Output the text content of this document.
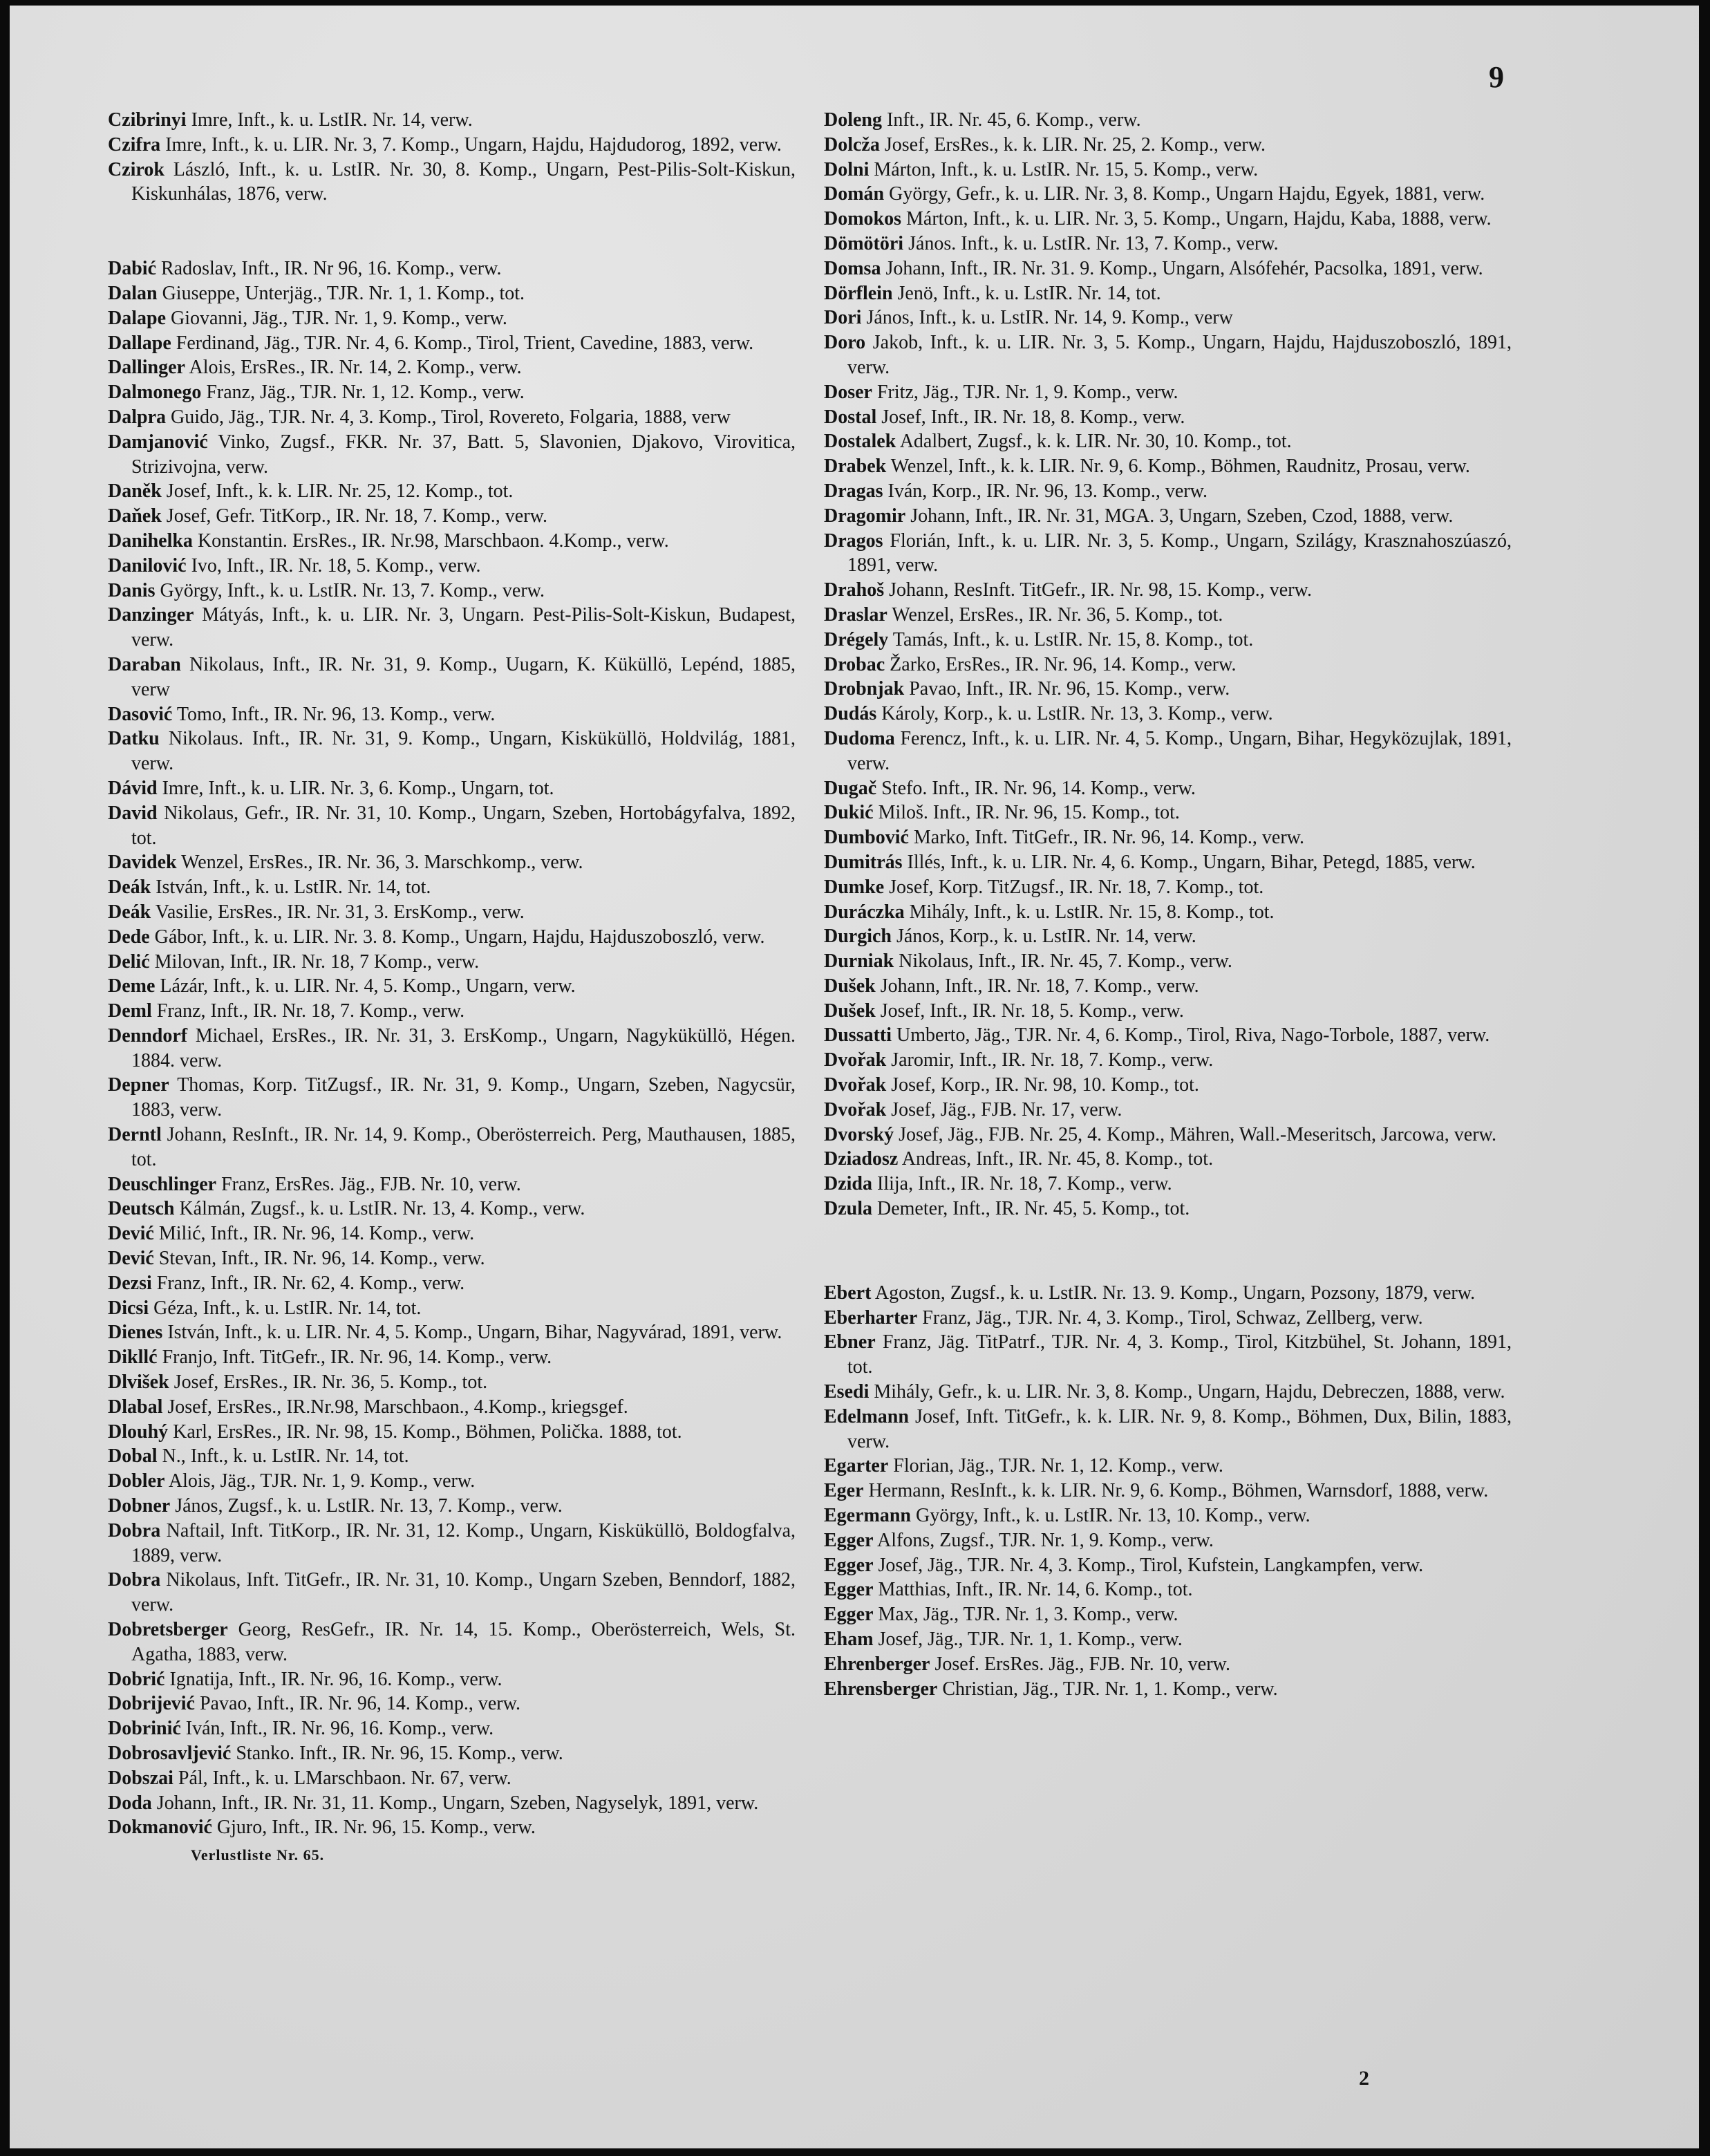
9

Czibrinyi Imre, Inft., k. u. LstIR. Nr. 14, verw.

Czifra Imre, Inft., k. u. LIR. Nr. 3, 7. Komp., Ungarn, Hajdu, Hajdudorog, 1892, verw.

Czirok László, Inft., k. u. LstIR. Nr. 30, 8. Komp., Ungarn, Pest-Pilis-Solt-Kiskun, Kiskunhálas, 1876, verw.

Dabić Radoslav, Inft., IR. Nr 96, 16. Komp., verw.

Dalan Giuseppe, Unterjäg., TJR. Nr. 1, 1. Komp., tot.

Dalape Giovanni, Jäg., TJR. Nr. 1, 9. Komp., verw.

Dallape Ferdinand, Jäg., TJR. Nr. 4, 6. Komp., Tirol, Trient, Cavedine, 1883, verw.

Dallinger Alois, ErsRes., IR. Nr. 14, 2. Komp., verw.

Dalmonego Franz, Jäg., TJR. Nr. 1, 12. Komp., verw.

Dalpra Guido, Jäg., TJR. Nr. 4, 3. Komp., Tirol, Rovereto, Folgaria, 1888, verw

Damjanović Vinko, Zugsf., FKR. Nr. 37, Batt. 5, Slavonien, Djakovo, Virovitica, Strizivojna, verw.

Daněk Josef, Inft., k. k. LIR. Nr. 25, 12. Komp., tot.

Daňek Josef, Gefr. TitKorp., IR. Nr. 18, 7. Komp., verw.

Danihelka Konstantin. ErsRes., IR. Nr.98, Marschbaon. 4.Komp., verw.

Danilović Ivo, Inft., IR. Nr. 18, 5. Komp., verw.

Danis György, Inft., k. u. LstIR. Nr. 13, 7. Komp., verw.

Danzinger Mátyás, Inft., k. u. LIR. Nr. 3, Ungarn. Pest-Pilis-Solt-Kiskun, Budapest, verw.

Daraban Nikolaus, Inft., IR. Nr. 31, 9. Komp., Uugarn, K. Küküllö, Lepénd, 1885, verw

Dasović Tomo, Inft., IR. Nr. 96, 13. Komp., verw.

Datku Nikolaus. Inft., IR. Nr. 31, 9. Komp., Ungarn, Kisküküllö, Holdvilág, 1881, verw.

Dávid Imre, Inft., k. u. LIR. Nr. 3, 6. Komp., Ungarn, tot.

David Nikolaus, Gefr., IR. Nr. 31, 10. Komp., Ungarn, Szeben, Hortobágyfalva, 1892, tot.

Davidek Wenzel, ErsRes., IR. Nr. 36, 3. Marschkomp., verw.

Deák István, Inft., k. u. LstIR. Nr. 14, tot.

Deák Vasilie, ErsRes., IR. Nr. 31, 3. ErsKomp., verw.

Dede Gábor, Inft., k. u. LIR. Nr. 3. 8. Komp., Ungarn, Hajdu, Hajduszoboszló, verw.

Delić Milovan, Inft., IR. Nr. 18, 7 Komp., verw.

Deme Lázár, Inft., k. u. LIR. Nr. 4, 5. Komp., Ungarn, verw.

Deml Franz, Inft., IR. Nr. 18, 7. Komp., verw.

Denndorf Michael, ErsRes., IR. Nr. 31, 3. ErsKomp., Ungarn, Nagyküküllö, Hégen. 1884. verw.

Depner Thomas, Korp. TitZugsf., IR. Nr. 31, 9. Komp., Ungarn, Szeben, Nagycsür, 1883, verw.

Derntl Johann, ResInft., IR. Nr. 14, 9. Komp., Oberösterreich. Perg, Mauthausen, 1885, tot.

Deuschlinger Franz, ErsRes. Jäg., FJB. Nr. 10, verw.

Deutsch Kálmán, Zugsf., k. u. LstIR. Nr. 13, 4. Komp., verw.

Dević Milić, Inft., IR. Nr. 96, 14. Komp., verw.

Dević Stevan, Inft., IR. Nr. 96, 14. Komp., verw.

Dezsi Franz, Inft., IR. Nr. 62, 4. Komp., verw.

Dicsi Géza, Inft., k. u. LstIR. Nr. 14, tot.

Dienes István, Inft., k. u. LIR. Nr. 4, 5. Komp., Ungarn, Bihar, Nagyvárad, 1891, verw.

Dikllć Franjo, Inft. TitGefr., IR. Nr. 96, 14. Komp., verw.

Dlvišek Josef, ErsRes., IR. Nr. 36, 5. Komp., tot.

Dlabal Josef, ErsRes., IR.Nr.98, Marschbaon., 4.Komp., kriegsgef.

Dlouhý Karl, ErsRes., IR. Nr. 98, 15. Komp., Böhmen, Polička. 1888, tot.

Dobal N., Inft., k. u. LstIR. Nr. 14, tot.

Dobler Alois, Jäg., TJR. Nr. 1, 9. Komp., verw.

Dobner János, Zugsf., k. u. LstIR. Nr. 13, 7. Komp., verw.

Dobra Naftail, Inft. TitKorp., IR. Nr. 31, 12. Komp., Ungarn, Kisküküllö, Boldogfalva, 1889, verw.

Dobra Nikolaus, Inft. TitGefr., IR. Nr. 31, 10. Komp., Ungarn Szeben, Benndorf, 1882, verw.

Dobretsberger Georg, ResGefr., IR. Nr. 14, 15. Komp., Oberösterreich, Wels, St. Agatha, 1883, verw.

Dobrić Ignatija, Inft., IR. Nr. 96, 16. Komp., verw.

Dobrijević Pavao, Inft., IR. Nr. 96, 14. Komp., verw.

Dobrinić Iván, Inft., IR. Nr. 96, 16. Komp., verw.

Dobrosavljević Stanko. Inft., IR. Nr. 96, 15. Komp., verw.

Dobszai Pál, Inft., k. u. LMarschbaon. Nr. 67, verw.

Doda Johann, Inft., IR. Nr. 31, 11. Komp., Ungarn, Szeben, Nagyselyk, 1891, verw.

Dokmanović Gjuro, Inft., IR. Nr. 96, 15. Komp., verw.

Verlustliste Nr. 65.

Doleng Inft., IR. Nr. 45, 6. Komp., verw.

Dolcža Josef, ErsRes., k. k. LIR. Nr. 25, 2. Komp., verw.

Dolni Márton, Inft., k. u. LstIR. Nr. 15, 5. Komp., verw.

Domán György, Gefr., k. u. LIR. Nr. 3, 8. Komp., Ungarn Hajdu, Egyek, 1881, verw.

Domokos Márton, Inft., k. u. LIR. Nr. 3, 5. Komp., Ungarn, Hajdu, Kaba, 1888, verw.

Dömötöri János. Inft., k. u. LstIR. Nr. 13, 7. Komp., verw.

Domsa Johann, Inft., IR. Nr. 31. 9. Komp., Ungarn, Alsófehér, Pacsolka, 1891, verw.

Dörflein Jenö, Inft., k. u. LstIR. Nr. 14, tot.

Dori János, Inft., k. u. LstIR. Nr. 14, 9. Komp., verw

Doro Jakob, Inft., k. u. LIR. Nr. 3, 5. Komp., Ungarn, Hajdu, Hajduszoboszló, 1891, verw.

Doser Fritz, Jäg., TJR. Nr. 1, 9. Komp., verw.

Dostal Josef, Inft., IR. Nr. 18, 8. Komp., verw.

Dostalek Adalbert, Zugsf., k. k. LIR. Nr. 30, 10. Komp., tot.

Drabek Wenzel, Inft., k. k. LIR. Nr. 9, 6. Komp., Böhmen, Raudnitz, Prosau, verw.

Dragas Iván, Korp., IR. Nr. 96, 13. Komp., verw.

Dragomir Johann, Inft., IR. Nr. 31, MGA. 3, Ungarn, Szeben, Czod, 1888, verw.

Dragos Florián, Inft., k. u. LIR. Nr. 3, 5. Komp., Ungarn, Szilágy, Krasznahoszúaszó, 1891, verw.

Drahoš Johann, ResInft. TitGefr., IR. Nr. 98, 15. Komp., verw.

Draslar Wenzel, ErsRes., IR. Nr. 36, 5. Komp., tot.

Drégely Tamás, Inft., k. u. LstIR. Nr. 15, 8. Komp., tot.

Drobac Žarko, ErsRes., IR. Nr. 96, 14. Komp., verw.

Drobnjak Pavao, Inft., IR. Nr. 96, 15. Komp., verw.

Dudás Károly, Korp., k. u. LstIR. Nr. 13, 3. Komp., verw.

Dudoma Ferencz, Inft., k. u. LIR. Nr. 4, 5. Komp., Ungarn, Bihar, Hegyközujlak, 1891, verw.

Dugač Stefo. Inft., IR. Nr. 96, 14. Komp., verw.

Dukić Miloš. Inft., IR. Nr. 96, 15. Komp., tot.

Dumbović Marko, Inft. TitGefr., IR. Nr. 96, 14. Komp., verw.

Dumitrás Illés, Inft., k. u. LIR. Nr. 4, 6. Komp., Ungarn, Bihar, Petegd, 1885, verw.

Dumke Josef, Korp. TitZugsf., IR. Nr. 18, 7. Komp., tot.

Duráczka Mihály, Inft., k. u. LstIR. Nr. 15, 8. Komp., tot.

Durgich János, Korp., k. u. LstIR. Nr. 14, verw.

Durniak Nikolaus, Inft., IR. Nr. 45, 7. Komp., verw.

Dušek Johann, Inft., IR. Nr. 18, 7. Komp., verw.

Dušek Josef, Inft., IR. Nr. 18, 5. Komp., verw.

Dussatti Umberto, Jäg., TJR. Nr. 4, 6. Komp., Tirol, Riva, Nago-Torbole, 1887, verw.

Dvořak Jaromir, Inft., IR. Nr. 18, 7. Komp., verw.

Dvořak Josef, Korp., IR. Nr. 98, 10. Komp., tot.

Dvořak Josef, Jäg., FJB. Nr. 17, verw.

Dvorský Josef, Jäg., FJB. Nr. 25, 4. Komp., Mähren, Wall.-Meseritsch, Jarcowa, verw.

Dziadosz Andreas, Inft., IR. Nr. 45, 8. Komp., tot.

Dzida Ilija, Inft., IR. Nr. 18, 7. Komp., verw.

Dzula Demeter, Inft., IR. Nr. 45, 5. Komp., tot.

Ebert Agoston, Zugsf., k. u. LstIR. Nr. 13. 9. Komp., Ungarn, Pozsony, 1879, verw.

Eberharter Franz, Jäg., TJR. Nr. 4, 3. Komp., Tirol, Schwaz, Zellberg, verw.

Ebner Franz, Jäg. TitPatrf., TJR. Nr. 4, 3. Komp., Tirol, Kitzbühel, St. Johann, 1891, tot.

Esedi Mihály, Gefr., k. u. LIR. Nr. 3, 8. Komp., Ungarn, Hajdu, Debreczen, 1888, verw.

Edelmann Josef, Inft. TitGefr., k. k. LIR. Nr. 9, 8. Komp., Böhmen, Dux, Bilin, 1883, verw.

Egarter Florian, Jäg., TJR. Nr. 1, 12. Komp., verw.

Eger Hermann, ResInft., k. k. LIR. Nr. 9, 6. Komp., Böhmen, Warnsdorf, 1888, verw.

Egermann György, Inft., k. u. LstIR. Nr. 13, 10. Komp., verw.

Egger Alfons, Zugsf., TJR. Nr. 1, 9. Komp., verw.

Egger Josef, Jäg., TJR. Nr. 4, 3. Komp., Tirol, Kufstein, Langkampfen, verw.

Egger Matthias, Inft., IR. Nr. 14, 6. Komp., tot.

Egger Max, Jäg., TJR. Nr. 1, 3. Komp., verw.

Eham Josef, Jäg., TJR. Nr. 1, 1. Komp., verw.

Ehrenberger Josef. ErsRes. Jäg., FJB. Nr. 10, verw.

Ehrensberger Christian, Jäg., TJR. Nr. 1, 1. Komp., verw.

2
